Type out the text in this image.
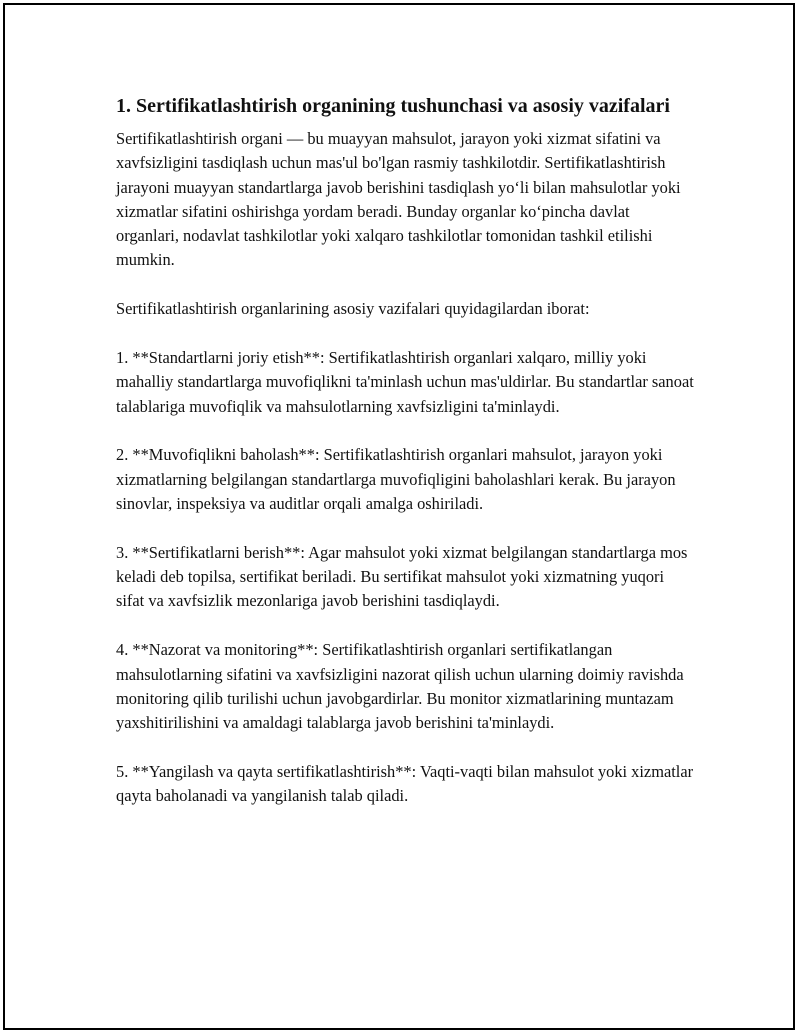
1. Sertifikatlashtirish organining tushunchasi va asosiy vazifalari

Sertifikatlashtirish organi — bu muayyan mahsulot, jarayon yoki xizmat sifatini va xavfsizligini tasdiqlash uchun mas'ul bo'lgan rasmiy tashkilotdir. Sertifikatlashtirish jarayoni muayyan standartlarga javob berishini tasdiqlash yo‘li bilan mahsulotlar yoki xizmatlar sifatini oshirishga yordam beradi. Bunday organlar ko‘pincha davlat organlari, nodavlat tashkilotlar yoki xalqaro tashkilotlar tomonidan tashkil etilishi mumkin.

Sertifikatlashtirish organlarining asosiy vazifalari quyidagilardan iborat:

1. **Standartlarni joriy etish**: Sertifikatlashtirish organlari xalqaro, milliy yoki mahalliy standartlarga muvofiqlikni ta'minlash uchun mas'uldirlar. Bu standartlar sanoat talablariga muvofiqlik va mahsulotlarning xavfsizligini ta'minlaydi.

2. **Muvofiqlikni baholash**: Sertifikatlashtirish organlari mahsulot, jarayon yoki xizmatlarning belgilangan standartlarga muvofiqligini baholashlari kerak. Bu jarayon sinovlar, inspeksiya va auditlar orqali amalga oshiriladi.

3. **Sertifikatlarni berish**: Agar mahsulot yoki xizmat belgilangan standartlarga mos keladi deb topilsa, sertifikat beriladi. Bu sertifikat mahsulot yoki xizmatning yuqori sifat va xavfsizlik mezonlariga javob berishini tasdiqlaydi.

4. **Nazorat va monitoring**: Sertifikatlashtirish organlari sertifikatlangan mahsulotlarning sifatini va xavfsizligini nazorat qilish uchun ularning doimiy ravishda monitoring qilib turilishi uchun javobgardirlar. Bu monitor xizmatlarining muntazam yaxshitirilishini va amaldagi talablarga javob berishini ta'minlaydi.

5. **Yangilash va qayta sertifikatlashtirish**: Vaqti-vaqti bilan mahsulot yoki xizmatlar qayta baholanadi va yangilanish talab qiladi.
